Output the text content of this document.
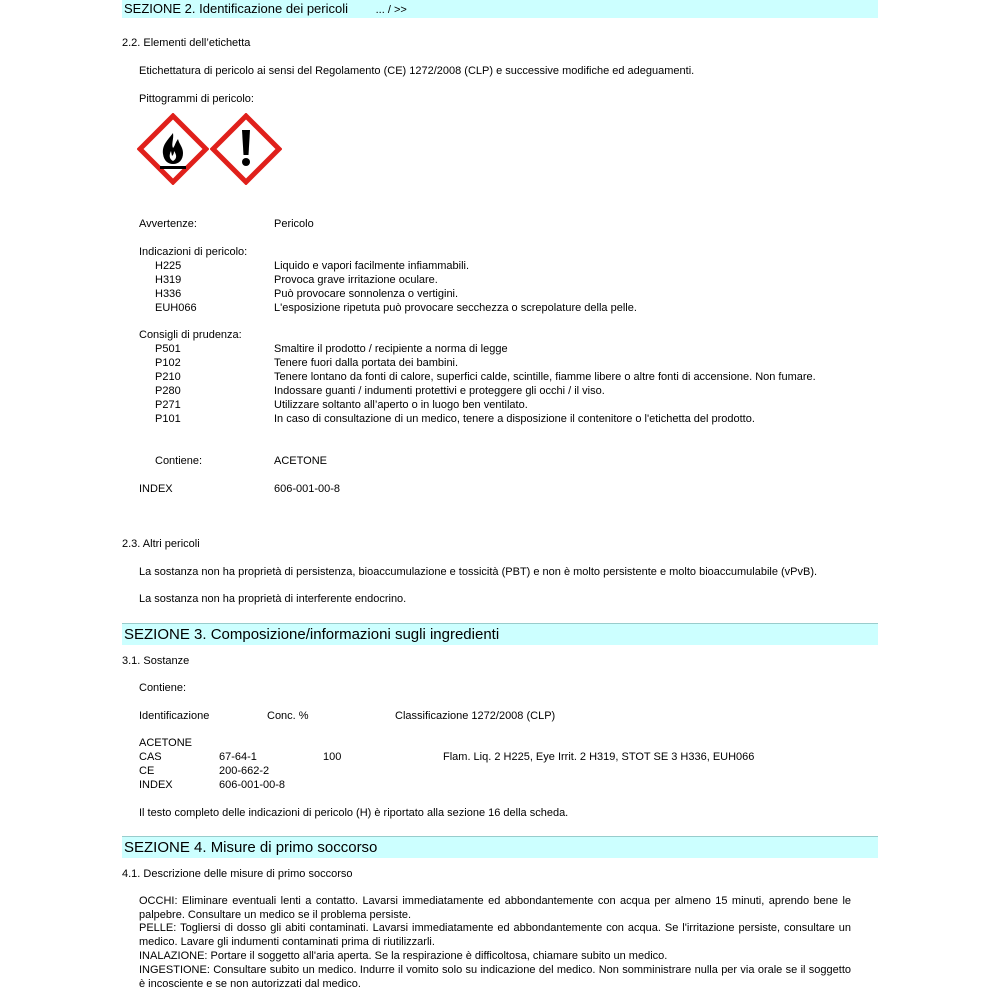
SEZIONE 2. Identificazione dei pericoli	... / >>
2.2. Elementi dell’etichetta
Etichettatura di pericolo ai sensi del Regolamento (CE) 1272/2008 (CLP) e successive modifiche ed adeguamenti.
Pittogrammi di pericolo:
Avvertenze:	Pericolo
Indicazioni di pericolo:
H225	Liquido e vapori facilmente infiammabili.
H319	Provoca grave irritazione oculare.
H336	Può provocare sonnolenza o vertigini.
EUH066	L'esposizione ripetuta può provocare secchezza o screpolature della pelle.
Consigli di prudenza:
P501	Smaltire il prodotto / recipiente a norma di legge
P102	Tenere fuori dalla portata dei bambini.
P210	Tenere lontano da fonti di calore, superfici calde, scintille, fiamme libere o altre fonti di accensione. Non fumare.
P280	Indossare guanti / indumenti protettivi e proteggere gli occhi / il viso.
P271	Utilizzare soltanto all’aperto o in luogo ben ventilato.
P101	In caso di consultazione di un medico, tenere a disposizione il contenitore o l'etichetta del prodotto.
Contiene:	ACETONE
INDEX	606-001-00-8
2.3. Altri pericoli
La sostanza non ha proprietà di persistenza, bioaccumulazione e tossicità (PBT) e non è molto persistente e molto bioaccumulabile (vPvB).
La sostanza non ha proprietà di interferente endocrino.
SEZIONE 3. Composizione/informazioni sugli ingredienti
3.1. Sostanze
Contiene:
Identificazione	Conc. %	Classificazione 1272/2008 (CLP)
ACETONE
CAS	67-64-1	100	Flam. Liq. 2 H225, Eye Irrit. 2 H319, STOT SE 3 H336, EUH066
CE	200-662-2
INDEX	606-001-00-8
Il testo completo delle indicazioni di pericolo (H) è riportato alla sezione 16 della scheda.
SEZIONE 4. Misure di primo soccorso
4.1. Descrizione delle misure di primo soccorso
OCCHI: Eliminare eventuali lenti a contatto. Lavarsi immediatamente ed abbondantemente con acqua per almeno 15 minuti, aprendo bene le palpebre. Consultare un medico se il problema persiste.
PELLE: Togliersi di dosso gli abiti contaminati. Lavarsi immediatamente ed abbondantemente con acqua. Se l'irritazione persiste, consultare un medico. Lavare gli indumenti contaminati prima di riutilizzarli.
INALAZIONE: Portare il soggetto all'aria aperta. Se la respirazione è difficoltosa, chiamare subito un medico.
INGESTIONE: Consultare subito un medico. Indurre il vomito solo su indicazione del medico. Non somministrare nulla per via orale se il soggetto è incosciente e se non autorizzati dal medico.
